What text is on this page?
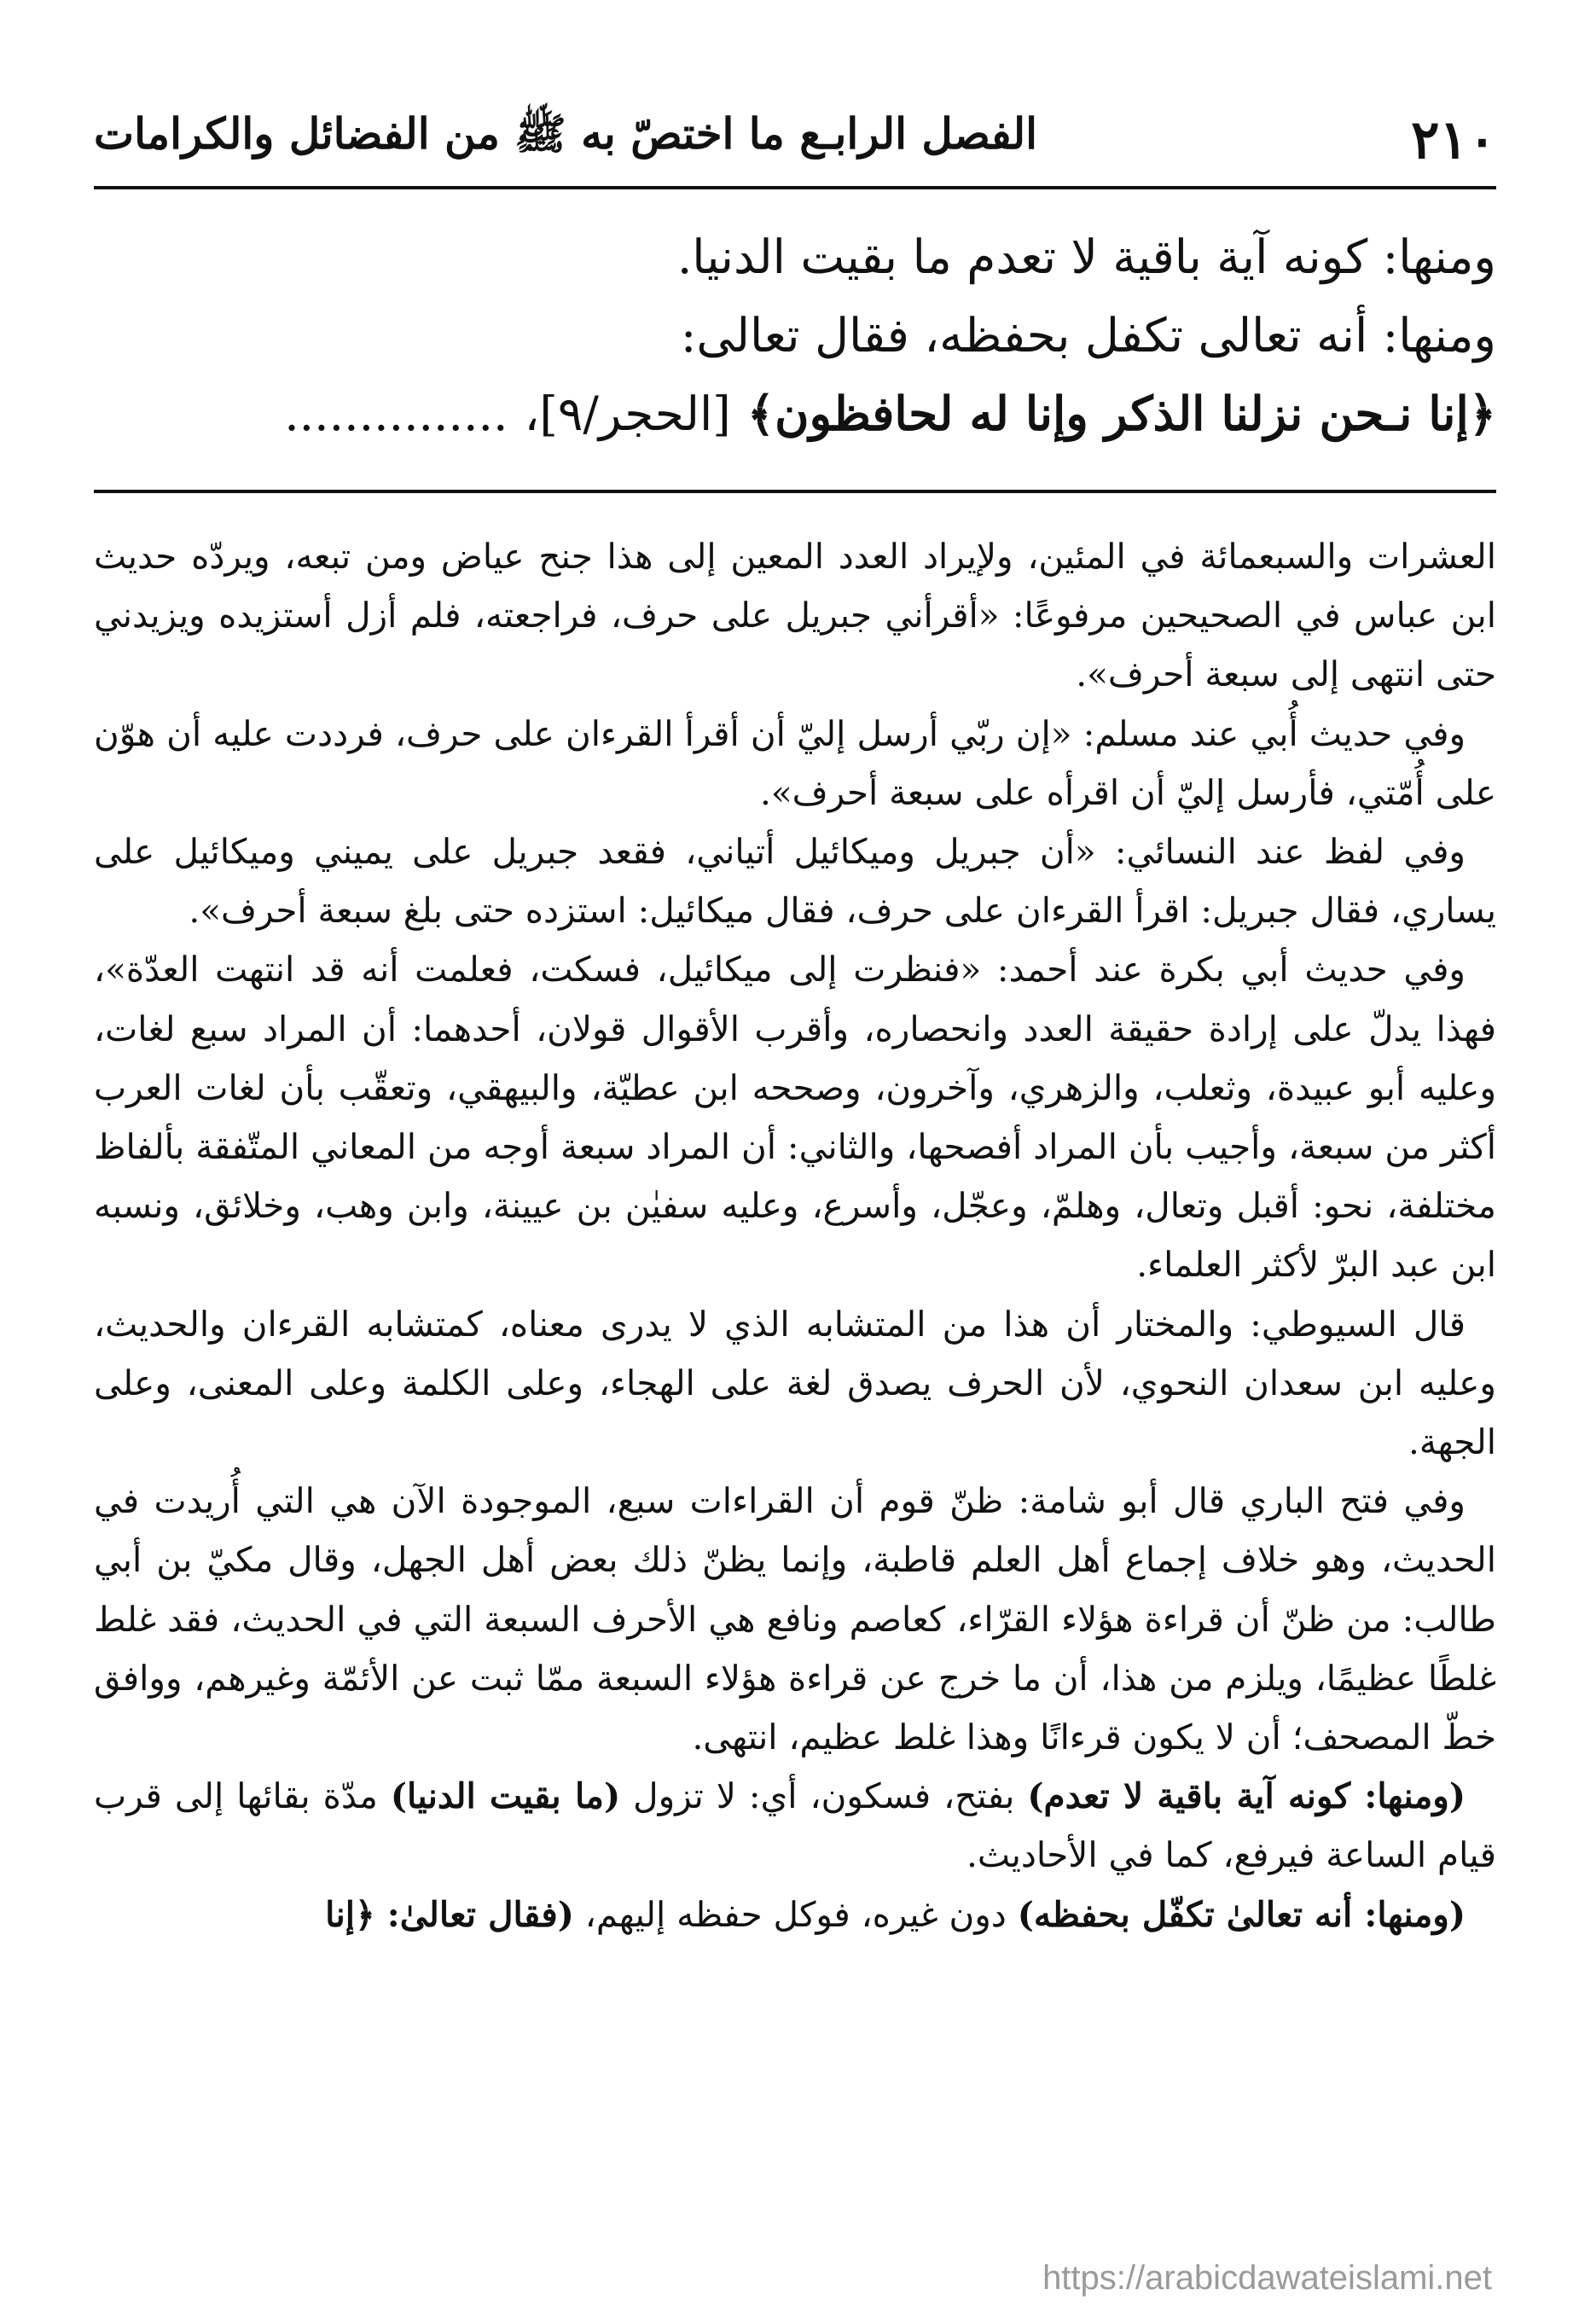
٢١٠
الفصل الرابـع ما اختصّ به ﷺ من الفضائل والكرامات
ومنها: كونه آية باقية لا تعدم ما بقيت الدنيا.
ومنها: أنه تعالى تكفل بحفظه، فقال تعالى:
﴿إنا نـحن نزلنا الذكر وإنا له لحافظون﴾ [الحجر/٩]، ...............

العشرات والسبعمائة في المئين، ولإيراد العدد المعين إلى هذا جنح عياض ومن تبعه، ويردّه حديث ابن عباس في الصحيحين مرفوعًا: «أقرأني جبريل على حرف، فراجعته، فلم أزل أستزيده ويزيدني حتى انتهى إلى سبعة أحرف».

وفي حديث أُبي عند مسلم: «إن ربّي أرسل إليّ أن أقرأ القرءان على حرف، فرددت عليه أن هوّن على أُمّتي، فأرسل إليّ أن اقرأه على سبعة أحرف».

وفي لفظ عند النسائي: «أن جبريل وميكائيل أتياني، فقعد جبريل على يميني وميكائيل على يساري، فقال جبريل: اقرأ القرءان على حرف، فقال ميكائيل: استزده حتى بلغ سبعة أحرف».

وفي حديث أبي بكرة عند أحمد: «فنظرت إلى ميكائيل، فسكت، فعلمت أنه قد انتهت العدّة»، فهذا يدلّ على إرادة حقيقة العدد وانحصاره، وأقرب الأقوال قولان، أحدهما: أن المراد سبع لغات، وعليه أبو عبيدة، وثعلب، والزهري، وآخرون، وصححه ابن عطيّة، والبيهقي، وتعقّب بأن لغات العرب أكثر من سبعة، وأجيب بأن المراد أفصحها، والثاني: أن المراد سبعة أوجه من المعاني المتّفقة بألفاظ مختلفة، نحو: أقبل وتعال، وهلمّ، وعجّل، وأسرع، وعليه سفيٰن بن عيينة، وابن وهب، وخلائق، ونسبه ابن عبد البرّ لأكثر العلماء.

قال السيوطي: والمختار أن هذا من المتشابه الذي لا يدرى معناه، كمتشابه القرءان والحديث، وعليه ابن سعدان النحوي، لأن الحرف يصدق لغة على الهجاء، وعلى الكلمة وعلى المعنى، وعلى الجهة.

وفي فتح الباري قال أبو شامة: ظنّ قوم أن القراءات سبع، الموجودة الآن هي التي أُريدت في الحديث، وهو خلاف إجماع أهل العلم قاطبة، وإنما يظنّ ذلك بعض أهل الجهل، وقال مكيّ بن أبي طالب: من ظنّ أن قراءة هؤلاء القرّاء، كعاصم ونافع هي الأحرف السبعة التي في الحديث، فقد غلط غلطًا عظيمًا، ويلزم من هذا، أن ما خرج عن قراءة هؤلاء السبعة ممّا ثبت عن الأئمّة وغيرهم، ووافق خطّ المصحف؛ أن لا يكون قرءانًا وهذا غلط عظيم، انتهى.

(ومنها: كونه آية باقية لا تعدم) بفتح، فسكون، أي: لا تزول (ما بقيت الدنيا) مدّة بقائها إلى قرب قيام الساعة فيرفع، كما في الأحاديث.

(ومنها: أنه تعالىٰ تكفّل بحفظه) دون غيره، فوكل حفظه إليهم، (فقال تعالىٰ: ﴿إنا

https://arabicdawateislami.net
